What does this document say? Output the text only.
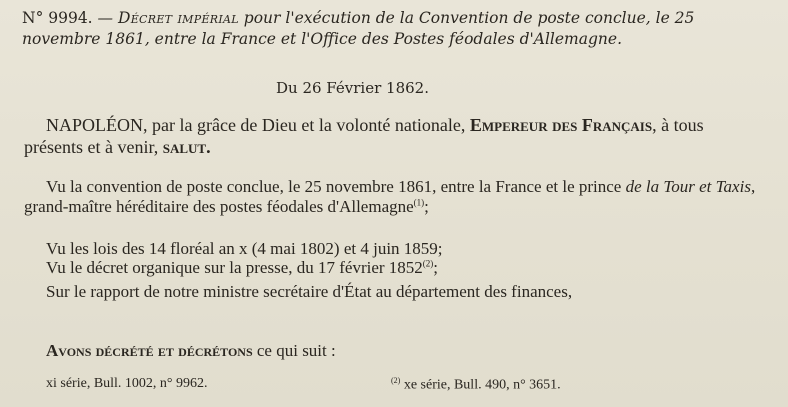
N° 9994. — Décret impérial pour l'exécution de la Convention de poste conclue, le 25 novembre 1861, entre la France et l'Office des Postes féodales d'Allemagne.
Du 26 Février 1862.
NAPOLÉON, par la grâce de Dieu et la volonté nationale, Empereur des Français, à tous présents et à venir, salut.
Vu la convention de poste conclue, le 25 novembre 1861, entre la France et le prince de la Tour et Taxis, grand-maître héréditaire des postes féodales d'Allemagne$^{(1)}$;
Vu les lois des 14 floréal an x (4 mai 1802) et 4 juin 1859;
Vu le décret organique sur la presse, du 17 février 1852$^{(2)}$;
Sur le rapport de notre ministre secrétaire d'État au département des finances,
Avons décrété et décrétons ce qui suit :
xi série, Bull. 1002, n° 9962.	$^{(2)}$ xe série, Bull. 490, n° 3651.
